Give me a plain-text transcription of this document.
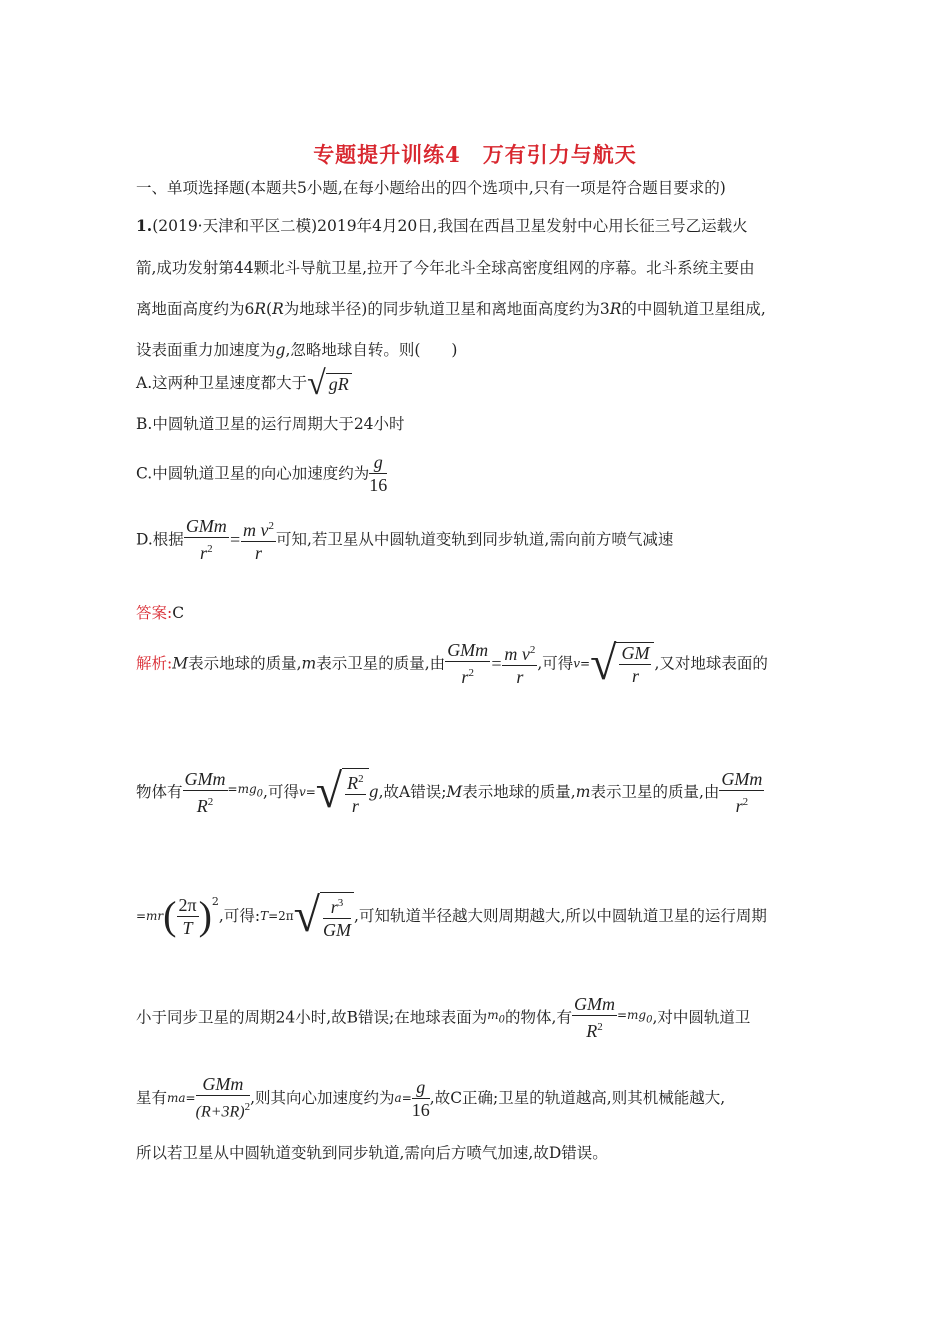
专题提升训练4　万有引力与航天
一、单项选择题(本题共5小题,在每小题给出的四个选项中,只有一项是符合题目要求的)
1.(2019·天津和平区二模)2019年4月20日,我国在西昌卫星发射中心用长征三号乙运载火
箭,成功发射第44颗北斗导航卫星,拉开了今年北斗全球高密度组网的序幕。北斗系统主要由
离地面高度约为6R(R为地球半径)的同步轨道卫星和离地面高度约为3R的中圆轨道卫星组成,
设表面重力加速度为g,忽略地球自转。则(　　)
A.这两种卫星速度都大于√ gR
B.中圆轨道卫星的运行周期大于24小时
C.中圆轨道卫星的向心加速度约为 $\frac{g}{16}$
D.根据 $\frac{\text{GMm}}{r^2} = \frac{m v^2}{r}$ 可知,若卫星从中圆轨道变轨到同步轨道,需向前方喷气减速
答案:C
解析:M表示地球的质量,m表示卫星的质量,由 $\frac{\text{GMm}}{r^2} = \frac{m v^2}{r}$ ,可得$v=√ \frac{GM}{r}$ ,又对地球表面的
物体有 $\frac{\text{GMm}}{R^2} =mg_0$,可得$v=√ \frac{R^2}{r} g$,故A错误;M表示地球的质量,m表示卫星的质量,由 $\frac{\text{GMm}}{r^2}$
$=mr( \frac{2\pi}{T} )^2$,可得:T=2π√ $\frac{r^3}{GM}$ ,可知轨道半径越大则周期越大,所以中圆轨道卫星的运行周期
小于同步卫星的周期24小时,故B错误;在地球表面为$m_0$的物体,有 $\frac{\text{GMm}}{R^2} =mg_0$,对中圆轨道卫
星有$ma= \frac{\text{GMm}}{(R+3R)^2}$ ,则其向心加速度约为$a= \frac{g}{16}$ ,故C正确;卫星的轨道越高,则其机械能越大,
所以若卫星从中圆轨道变轨到同步轨道,需向后方喷气加速,故D错误。
